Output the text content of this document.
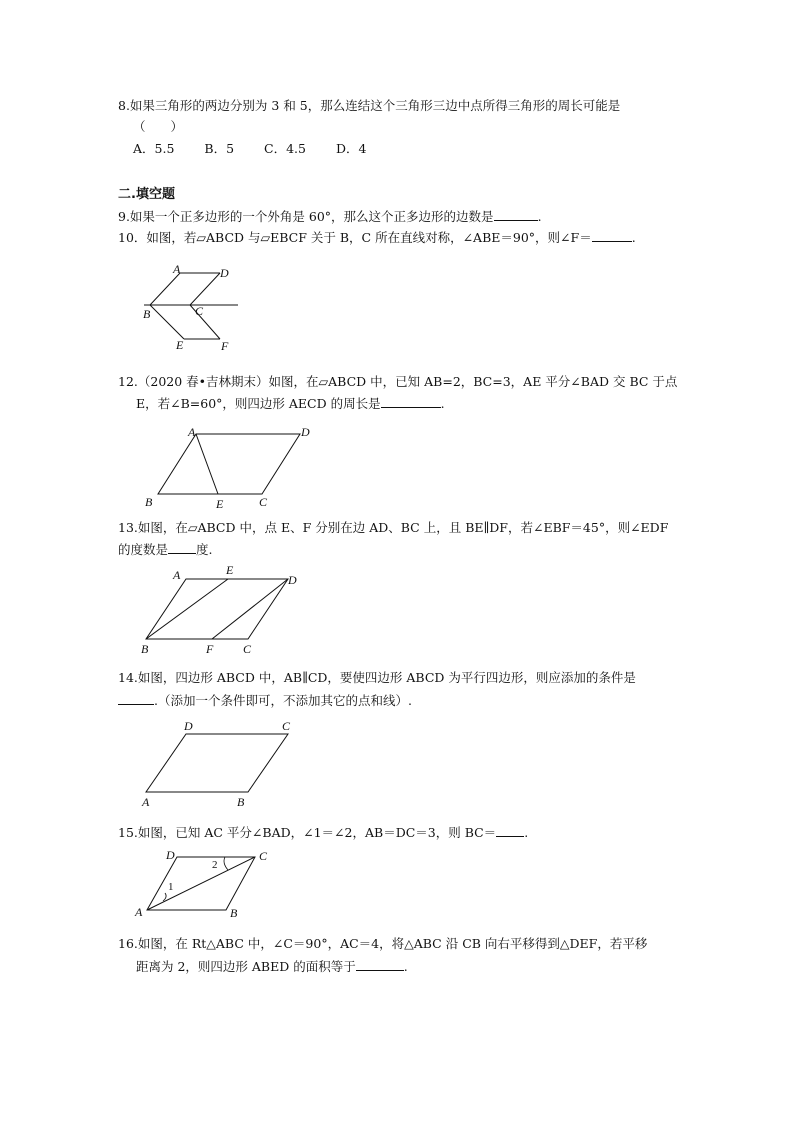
8.如果三角形的两边分别为 3 和 5，那么连结这个三角形三边中点所得三角形的周长可能是
（　　）
A．5.5 B．5 C．4.5 D．4
二.填空题
9.如果一个正多边形的一个外角是 60°，那么这个正多边形的边数是	.
10．如图，若▱ABCD 与▱EBCF 关于 B，C 所在直线对称，∠ABE＝90°，则∠F＝	.
A	D
B	C
E	F
12.（2020 春•吉林期末）如图，在▱ABCD 中，已知 AB=2，BC=3，AE 平分∠BAD 交 BC 于点
E，若∠B=60°，则四边形 AECD 的周长是	.
A	D
B	E	C
13.如图，在▱ABCD 中，点 E、F 分别在边 AD、BC 上，且 BE∥DF，若∠EBF＝45°，则∠EDF
的度数是 度.
A	E
D
B	F C
14.如图，四边形 ABCD 中，AB∥CD，要使四边形 ABCD 为平行四边形，则应添加的条件是
.（添加一个条件即可，不添加其它的点和线）.
D	C
A	B
15.如图，已知 AC 平分∠BAD，∠1＝∠2，AB＝DC＝3，则 BC＝ .
D	C
A	B
1
2
16.如图，在 Rt△ABC 中，∠C＝90°，AC＝4，将△ABC 沿 CB 向右平移得到△DEF，若平移
距离为 2，则四边形 ABED 的面积等于	.
